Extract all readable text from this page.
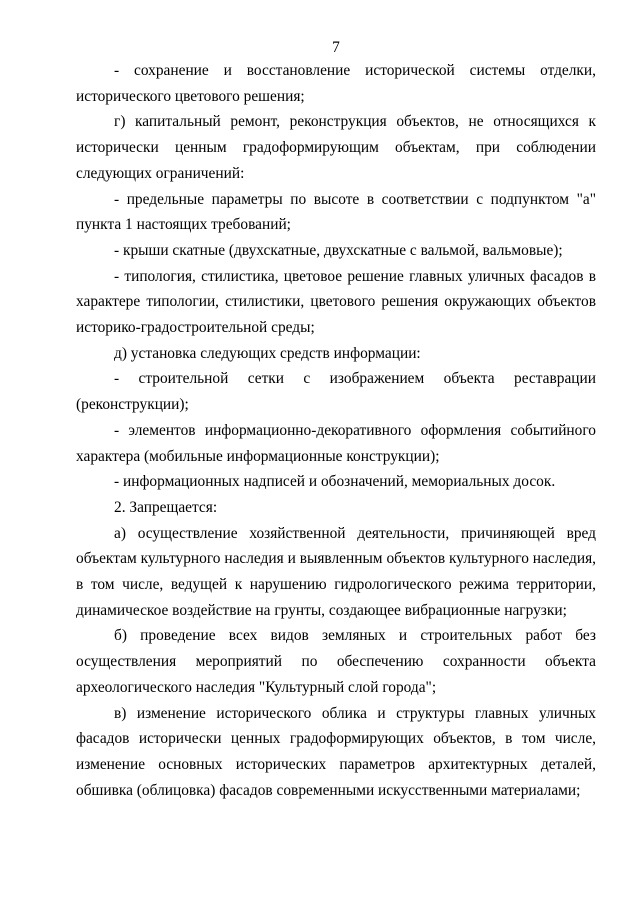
7

- сохранение и восстановление исторической системы отделки, исторического цветового решения;

г) капитальный ремонт, реконструкция объектов, не относящихся к исторически ценным градоформирующим объектам, при соблюдении следующих ограничений:

- предельные параметры по высоте в соответствии с подпунктом "а" пункта 1 настоящих требований;

- крыши скатные (двухскатные, двухскатные с вальмой, вальмовые);

- типология, стилистика, цветовое решение главных уличных фасадов в характере типологии, стилистики, цветового решения окружающих объектов историко-градостроительной среды;

д) установка следующих средств информации:

- строительной сетки с изображением объекта реставрации (реконструкции);

- элементов информационно-декоративного оформления событийного характера (мобильные информационные конструкции);

- информационных надписей и обозначений, мемориальных досок.

2. Запрещается:

а) осуществление хозяйственной деятельности, причиняющей вред объектам культурного наследия и выявленным объектов культурного наследия, в том числе, ведущей к нарушению гидрологического режима территории, динамическое воздействие на грунты, создающее вибрационные нагрузки;

б) проведение всех видов земляных и строительных работ без осуществления мероприятий по обеспечению сохранности объекта археологического наследия "Культурный слой города";

в) изменение исторического облика и структуры главных уличных фасадов исторически ценных градоформирующих объектов, в том числе, изменение основных исторических параметров архитектурных деталей, обшивка (облицовка) фасадов современными искусственными материалами;
